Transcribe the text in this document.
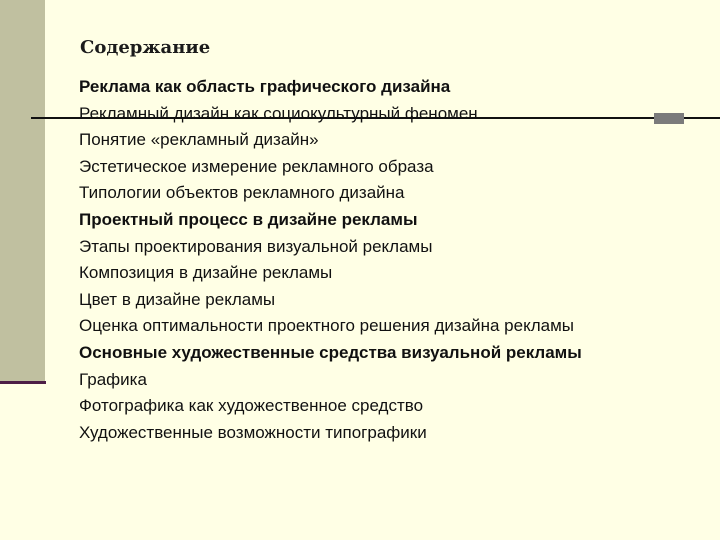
Содержание
Реклама как область графического дизайна
Рекламный дизайн как социокультурный феномен
Понятие «рекламный дизайн»
Эстетическое измерение рекламного образа
Типологии объектов рекламного дизайна
Проектный процесс в дизайне рекламы
Этапы проектирования визуальной рекламы
Композиция в дизайне рекламы
Цвет в дизайне рекламы
Оценка оптимальности проектного решения дизайна рекламы
Основные художественные средства визуальной рекламы
Графика
Фотографика как художественное средство
Художественные возможности типографики
